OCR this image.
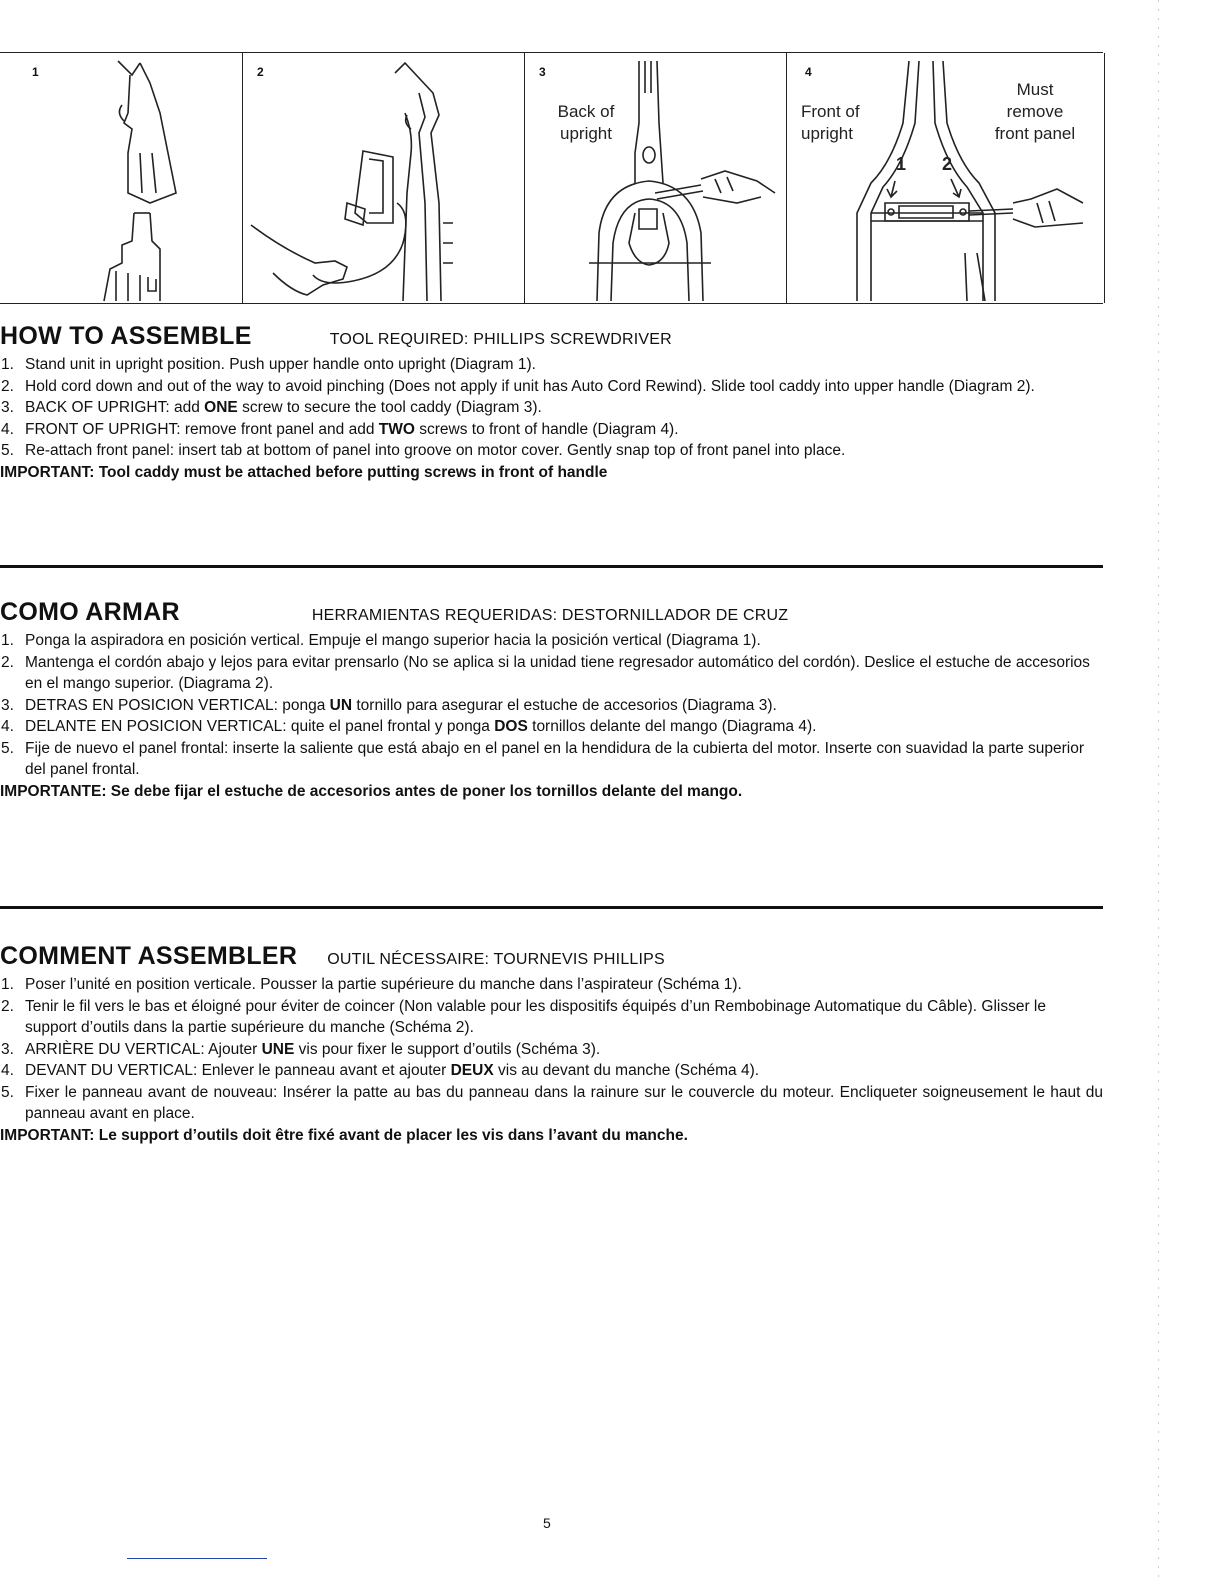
1	2	3
Back of
upright
4
Front of
upright
Must
remove
front panel
1 2
HOW TO ASSEMBLE	TOOL REQUIRED: PHILLIPS SCREWDRIVER
1. Stand unit in upright position. Push upper handle onto upright (Diagram 1).
2. Hold cord down and out of the way to avoid pinching (Does not apply if unit has Auto Cord Rewind). Slide tool caddy into upper handle (Diagram 2).
3. BACK OF UPRIGHT: add ONE screw to secure the tool caddy (Diagram 3).
4. FRONT OF UPRIGHT: remove front panel and add TWO screws to front of handle (Diagram 4).
5. Re-attach front panel: insert tab at bottom of panel into groove on motor cover. Gently snap top of front panel into place.
IMPORTANT: Tool caddy must be attached before putting screws in front of handle
COMO ARMAR	HERRAMIENTAS REQUERIDAS: DESTORNILLADOR DE CRUZ
1. Ponga la aspiradora en posición vertical. Empuje el mango superior hacia la posición vertical (Diagrama 1).
2. Mantenga el cordón abajo y lejos para evitar prensarlo (No se aplica si la unidad tiene regresador automático del cordón). Deslice el estuche de accesorios en el mango superior. (Diagrama 2).
3. DETRAS EN POSICION VERTICAL: ponga UN tornillo para asegurar el estuche de accesorios (Diagrama 3).
4. DELANTE EN POSICION VERTICAL: quite el panel frontal y ponga DOS tornillos delante del mango (Diagrama 4).
5. Fije de nuevo el panel frontal: inserte la saliente que está abajo en el panel en la hendidura de la cubierta del motor. Inserte con suavidad la parte superior del panel frontal.
IMPORTANTE: Se debe fijar el estuche de accesorios antes de poner los tornillos delante del mango.
COMMENT ASSEMBLER OUTIL NÉCESSAIRE: TOURNEVIS PHILLIPS
1. Poser l’unité en position verticale. Pousser la partie supérieure du manche dans l’aspirateur (Schéma 1).
2. Tenir le fil vers le bas et éloigné pour éviter de coincer (Non valable pour les dispositifs équipés d’un Rembobinage Automatique du Câble). Glisser le support d’outils dans la partie supérieure du manche (Schéma 2).
3. ARRIÈRE DU VERTICAL: Ajouter UNE vis pour fixer le support d’outils (Schéma 3).
4. DEVANT DU VERTICAL: Enlever le panneau avant et ajouter DEUX vis au devant du manche (Schéma 4).
5. Fixer le panneau avant de nouveau: Insérer la patte au bas du panneau dans la rainure sur le couvercle du moteur. Encliqueter soigneusement le haut du panneau avant en place.
IMPORTANT: Le support d’outils doit être fixé avant de placer les vis dans l’avant du manche.
5
